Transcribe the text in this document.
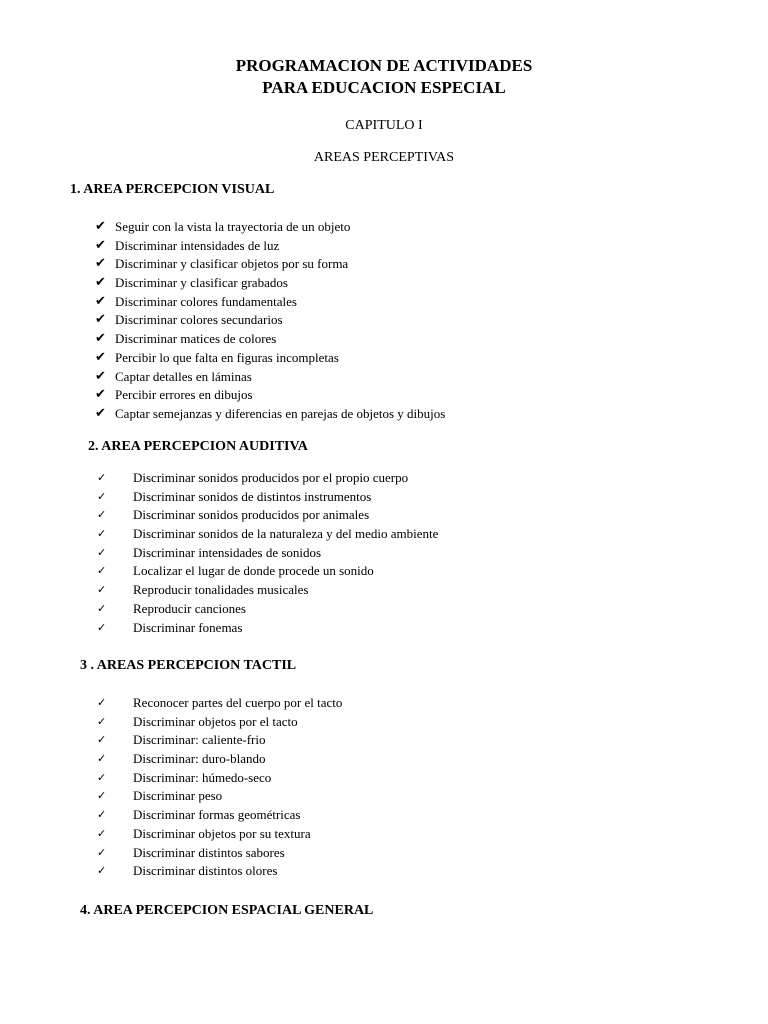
PROGRAMACION DE ACTIVIDADES
PARA EDUCACION ESPECIAL
CAPITULO I
AREAS PERCEPTIVAS
1. AREA PERCEPCION VISUAL
✔ Seguir con la vista la trayectoria de un objeto
✔ Discriminar intensidades de luz
✔ Discriminar y clasificar objetos por su forma
✔ Discriminar y clasificar grabados
✔ Discriminar colores fundamentales
✔ Discriminar colores secundarios
✔ Discriminar matices de colores
✔ Percibir lo que falta en figuras incompletas
✔ Captar detalles en láminas
✔ Percibir errores en dibujos
✔ Captar semejanzas y diferencias en parejas de objetos y dibujos
2. AREA PERCEPCION AUDITIVA
✓ Discriminar sonidos producidos por el propio cuerpo
✓ Discriminar sonidos de distintos instrumentos
✓ Discriminar sonidos producidos por animales
✓ Discriminar sonidos de la naturaleza y del medio ambiente
✓ Discriminar intensidades de sonidos
✓ Localizar el lugar de donde procede un sonido
✓ Reproducir tonalidades musicales
✓ Reproducir canciones
✓ Discriminar fonemas
3 . AREAS PERCEPCION TACTIL
✓ Reconocer partes del cuerpo por el tacto
✓ Discriminar objetos por el tacto
✓ Discriminar: caliente-frio
✓ Discriminar: duro-blando
✓ Discriminar: húmedo-seco
✓ Discriminar peso
✓ Discriminar formas geométricas
✓ Discriminar objetos por su textura
✓ Discriminar distintos sabores
✓ Discriminar distintos olores
4. AREA PERCEPCION ESPACIAL GENERAL
